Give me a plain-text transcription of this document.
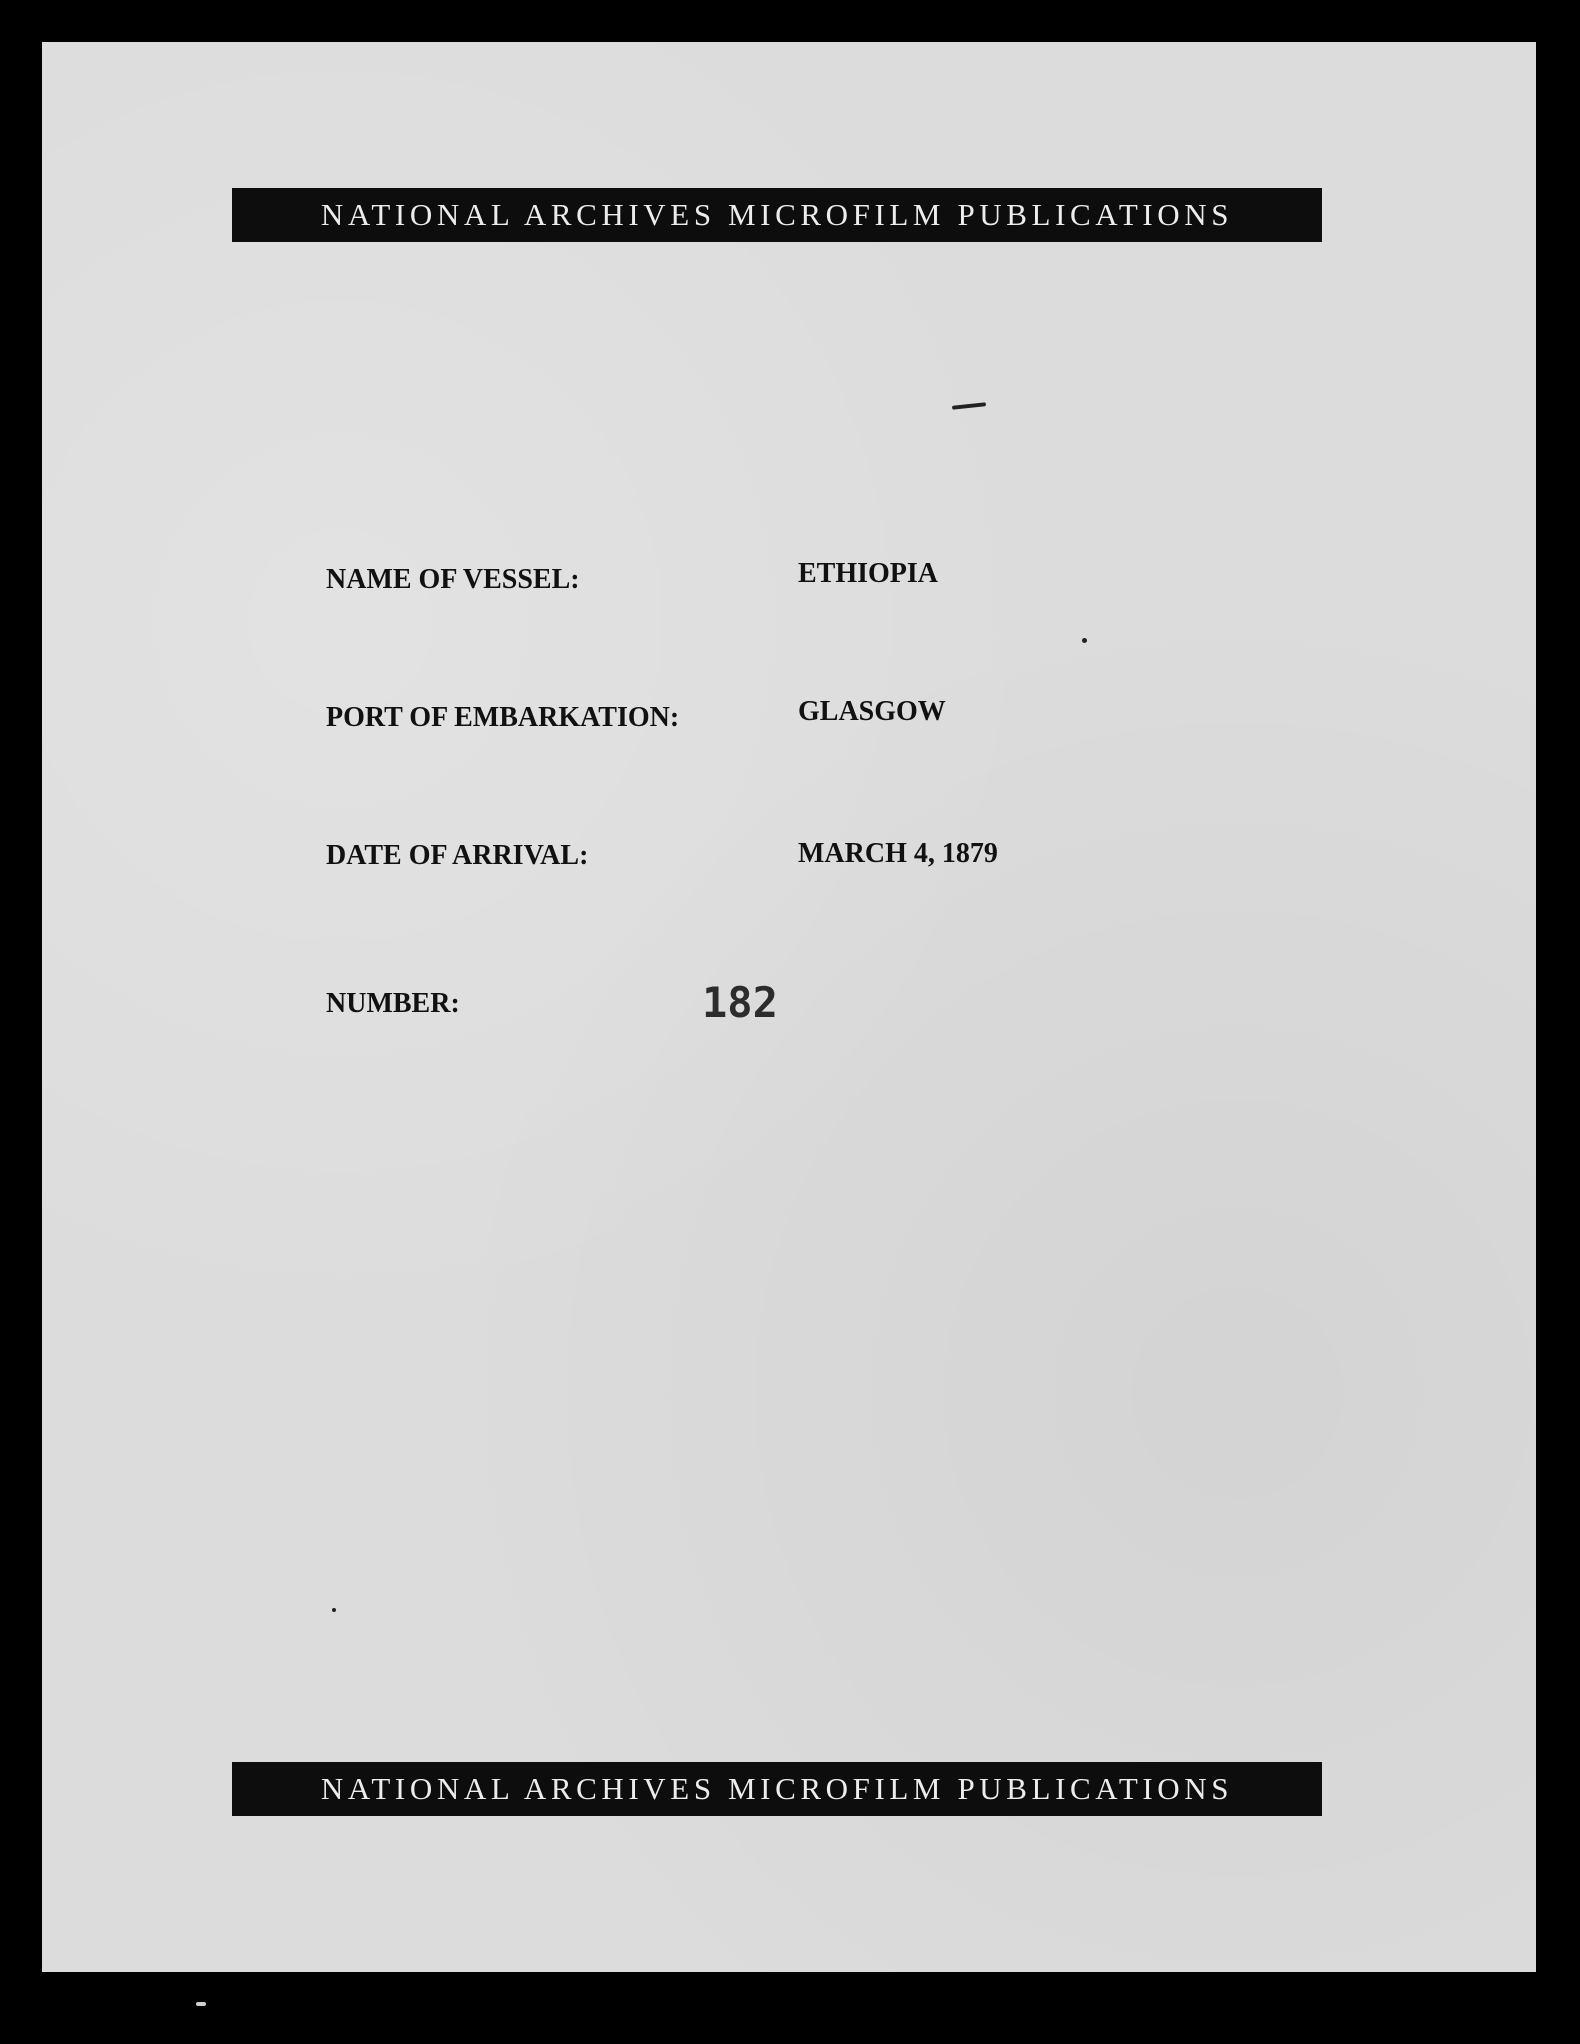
NATIONAL ARCHIVES MICROFILM PUBLICATIONS
NAME OF VESSEL:	ETHIOPIA
PORT OF EMBARKATION:	GLASGOW
DATE OF ARRIVAL:	MARCH 4, 1879
NUMBER:	182
NATIONAL ARCHIVES MICROFILM PUBLICATIONS
